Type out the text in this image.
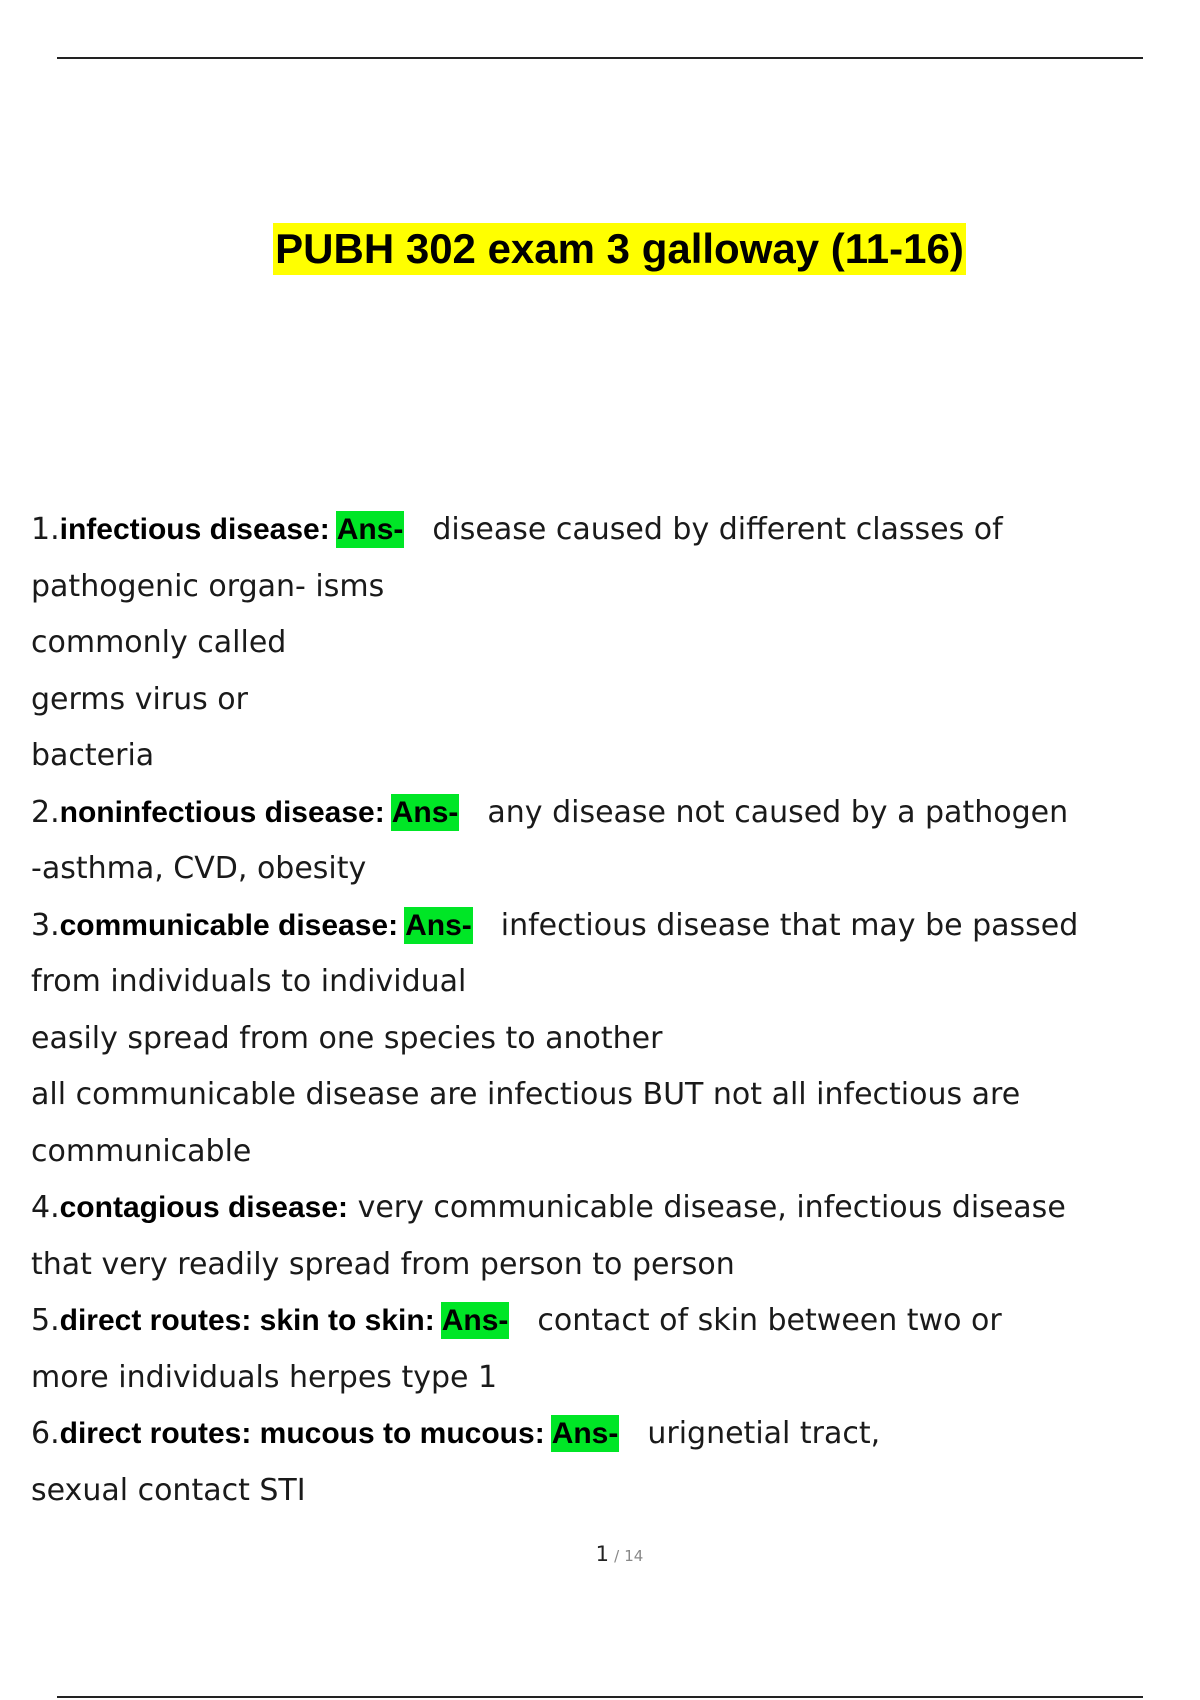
PUBH 302 exam 3 galloway (11-16)
1.infectious disease: Ans- disease caused by different classes of
pathogenic organ- isms
commonly called
germs virus or
bacteria
2.noninfectious disease: Ans- any disease not caused by a pathogen
-asthma, CVD, obesity
3.communicable disease: Ans- infectious disease that may be passed
from individuals to individual
easily spread from one species to another
all communicable disease are infectious BUT not all infectious are
communicable
4.contagious disease: very communicable disease, infectious disease
that very readily spread from person to person
5.direct routes: skin to skin: Ans- contact of skin between two or
more individuals herpes type 1
6.direct routes: mucous to mucous: Ans- urignetial tract,
sexual contact STI
1 / 14
